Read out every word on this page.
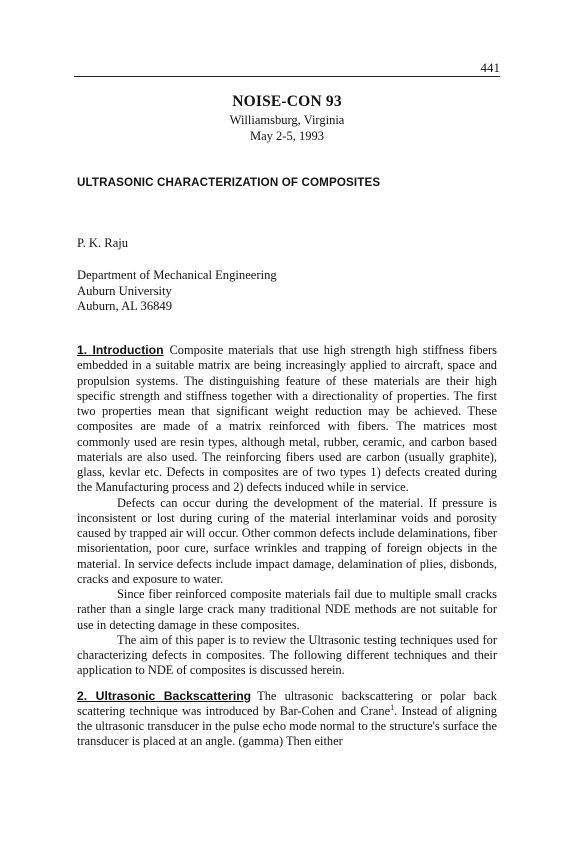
441
NOISE-CON 93
Williamsburg, Virginia
May 2-5, 1993
ULTRASONIC CHARACTERIZATION OF COMPOSITES
P. K. Raju
Department of Mechanical Engineering
Auburn University
Auburn, AL 36849

1. Introduction Composite materials that use high strength high stiffness fibers embedded in a suitable matrix are being increasingly applied to aircraft, space and propulsion systems. The distinguishing feature of these materials are their high specific strength and stiffness together with a directionality of properties. The first two properties mean that significant weight reduction may be achieved. These composites are made of a matrix reinforced with fibers. The matrices most commonly used are resin types, although metal, rubber, ceramic, and carbon based materials are also used. The reinforcing fibers used are carbon (usually graphite), glass, kevlar etc. Defects in composites are of two types 1) defects created during the Manufacturing process and 2) defects induced while in service.

Defects can occur during the development of the material. If pressure is inconsistent or lost during curing of the material interlaminar voids and porosity caused by trapped air will occur. Other common defects include delaminations, fiber misorientation, poor cure, surface wrinkles and trapping of foreign objects in the material. In service defects include impact damage, delamination of plies, disbonds, cracks and exposure to water.

Since fiber reinforced composite materials fail due to multiple small cracks rather than a single large crack many traditional NDE methods are not suitable for use in detecting damage in these composites.

The aim of this paper is to review the Ultrasonic testing techniques used for characterizing defects in composites. The following different techniques and their application to NDE of composites is discussed herein.

2. Ultrasonic Backscattering The ultrasonic backscattering or polar back scattering technique was introduced by Bar-Cohen and Crane$^1$. Instead of aligning the ultrasonic transducer in the pulse echo mode normal to the structure's surface the transducer is placed at an angle. (gamma) Then either
